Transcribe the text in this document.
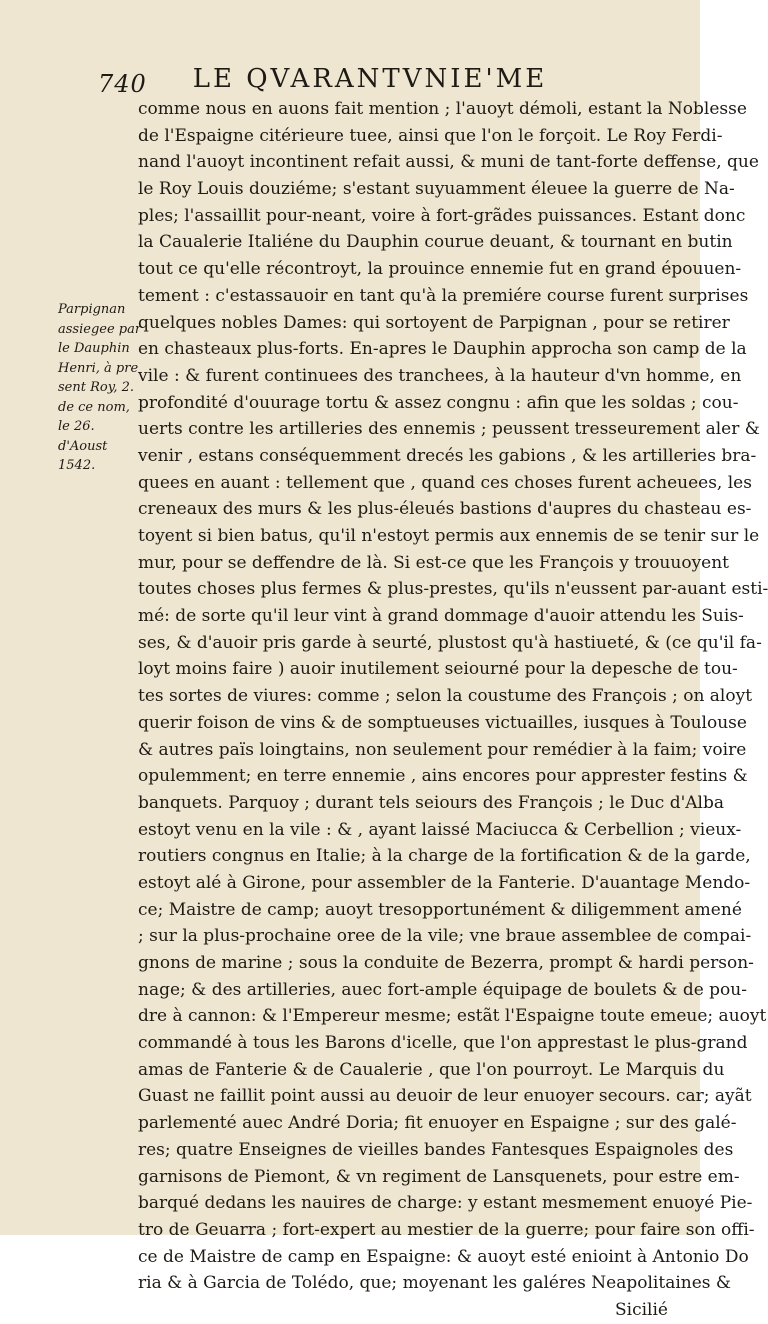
740	LE QVARANTVNIE'ME
Parpignan
assiegee par
le Dauphin
Henri, à pre
sent Roy, 2.
de ce nom,
le 26.
d'Aoust
1542.
comme nous en auons fait mention ; l'auoyt démoli, estant la Noblesse
de l'Espaigne citérieure tuee, ainsi que l'on le forçoit. Le Roy Ferdi-
nand l'auoyt incontinent refait aussi, & muni de tant-forte deffense, que
le Roy Louis douziéme; s'estant suyuamment éleuee la guerre de Na-
ples; l'assaillit pour-neant, voire à fort-grãdes puissances. Estant donc
la Caualerie Italiéne du Dauphin courue deuant, & tournant en butin
tout ce qu'elle récontroyt, la prouince ennemie fut en grand épouuen-
tement : c'estassauoir en tant qu'à la premiére course furent surprises
quelques nobles Dames: qui sortoyent de Parpignan , pour se retirer
en chasteaux plus-forts. En-apres le Dauphin approcha son camp de la
vile : & furent continuees des tranchees, à la hauteur d'vn homme, en
profondité d'ouurage tortu & assez congnu : afin que les soldas ; cou-
uerts contre les artilleries des ennemis ; peussent tresseurement aler &
venir , estans conséquemment drecés les gabions , & les artilleries bra-
quees en auant : tellement que , quand ces choses furent acheuees, les
creneaux des murs & les plus-éleués bastions d'aupres du chasteau es-
toyent si bien batus, qu'il n'estoyt permis aux ennemis de se tenir sur le
mur, pour se deffendre de là. Si est-ce que les François y trouuoyent
toutes choses plus fermes & plus-prestes, qu'ils n'eussent par-auant esti-
mé: de sorte qu'il leur vint à grand dommage d'auoir attendu les Suis-
ses, & d'auoir pris garde à seurté, plustost qu'à hastiueté, & (ce qu'il fa-
loyt moins faire ) auoir inutilement seiourné pour la depesche de tou-
tes sortes de viures: comme ; selon la coustume des François ; on aloyt
querir foison de vins & de somptueuses victuailles, iusques à Toulouse
& autres païs loingtains, non seulement pour remédier à la faim; voire
opulemment; en terre ennemie , ains encores pour apprester festins &
banquets. Parquoy ; durant tels seiours des François ; le Duc d'Alba
estoyt venu en la vile : & , ayant laissé Maciucca & Cerbellion ; vieux-
routiers congnus en Italie; à la charge de la fortification & de la garde,
estoyt alé à Girone, pour assembler de la Fanterie. D'auantage Mendo-
ce; Maistre de camp; auoyt tresopportunément & diligemment amené
; sur la plus-prochaine oree de la vile; vne braue assemblee de compai-
gnons de marine ; sous la conduite de Bezerra, prompt & hardi person-
nage; & des artilleries, auec fort-ample équipage de boulets & de pou-
dre à cannon: & l'Empereur mesme; estãt l'Espaigne toute emeue; auoyt
commandé à tous les Barons d'icelle, que l'on apprestast le plus-grand
amas de Fanterie & de Caualerie , que l'on pourroyt. Le Marquis du
Guast ne faillit point aussi au deuoir de leur enuoyer secours. car; ayãt
parlementé auec André Doria; fit enuoyer en Espaigne ; sur des galé-
res; quatre Enseignes de vieilles bandes Fantesques Espaignoles des
garnisons de Piemont, & vn regiment de Lansquenets, pour estre em-
barqué dedans les nauires de charge: y estant mesmement enuoyé Pie-
tro de Geuarra ; fort-expert au mestier de la guerre; pour faire son offi-
ce de Maistre de camp en Espaigne: & auoyt esté enioint à Antonio Do
ria & à Garcia de Tolédo, que; moyenant les galéres Neapolitaines &
Sicilié
